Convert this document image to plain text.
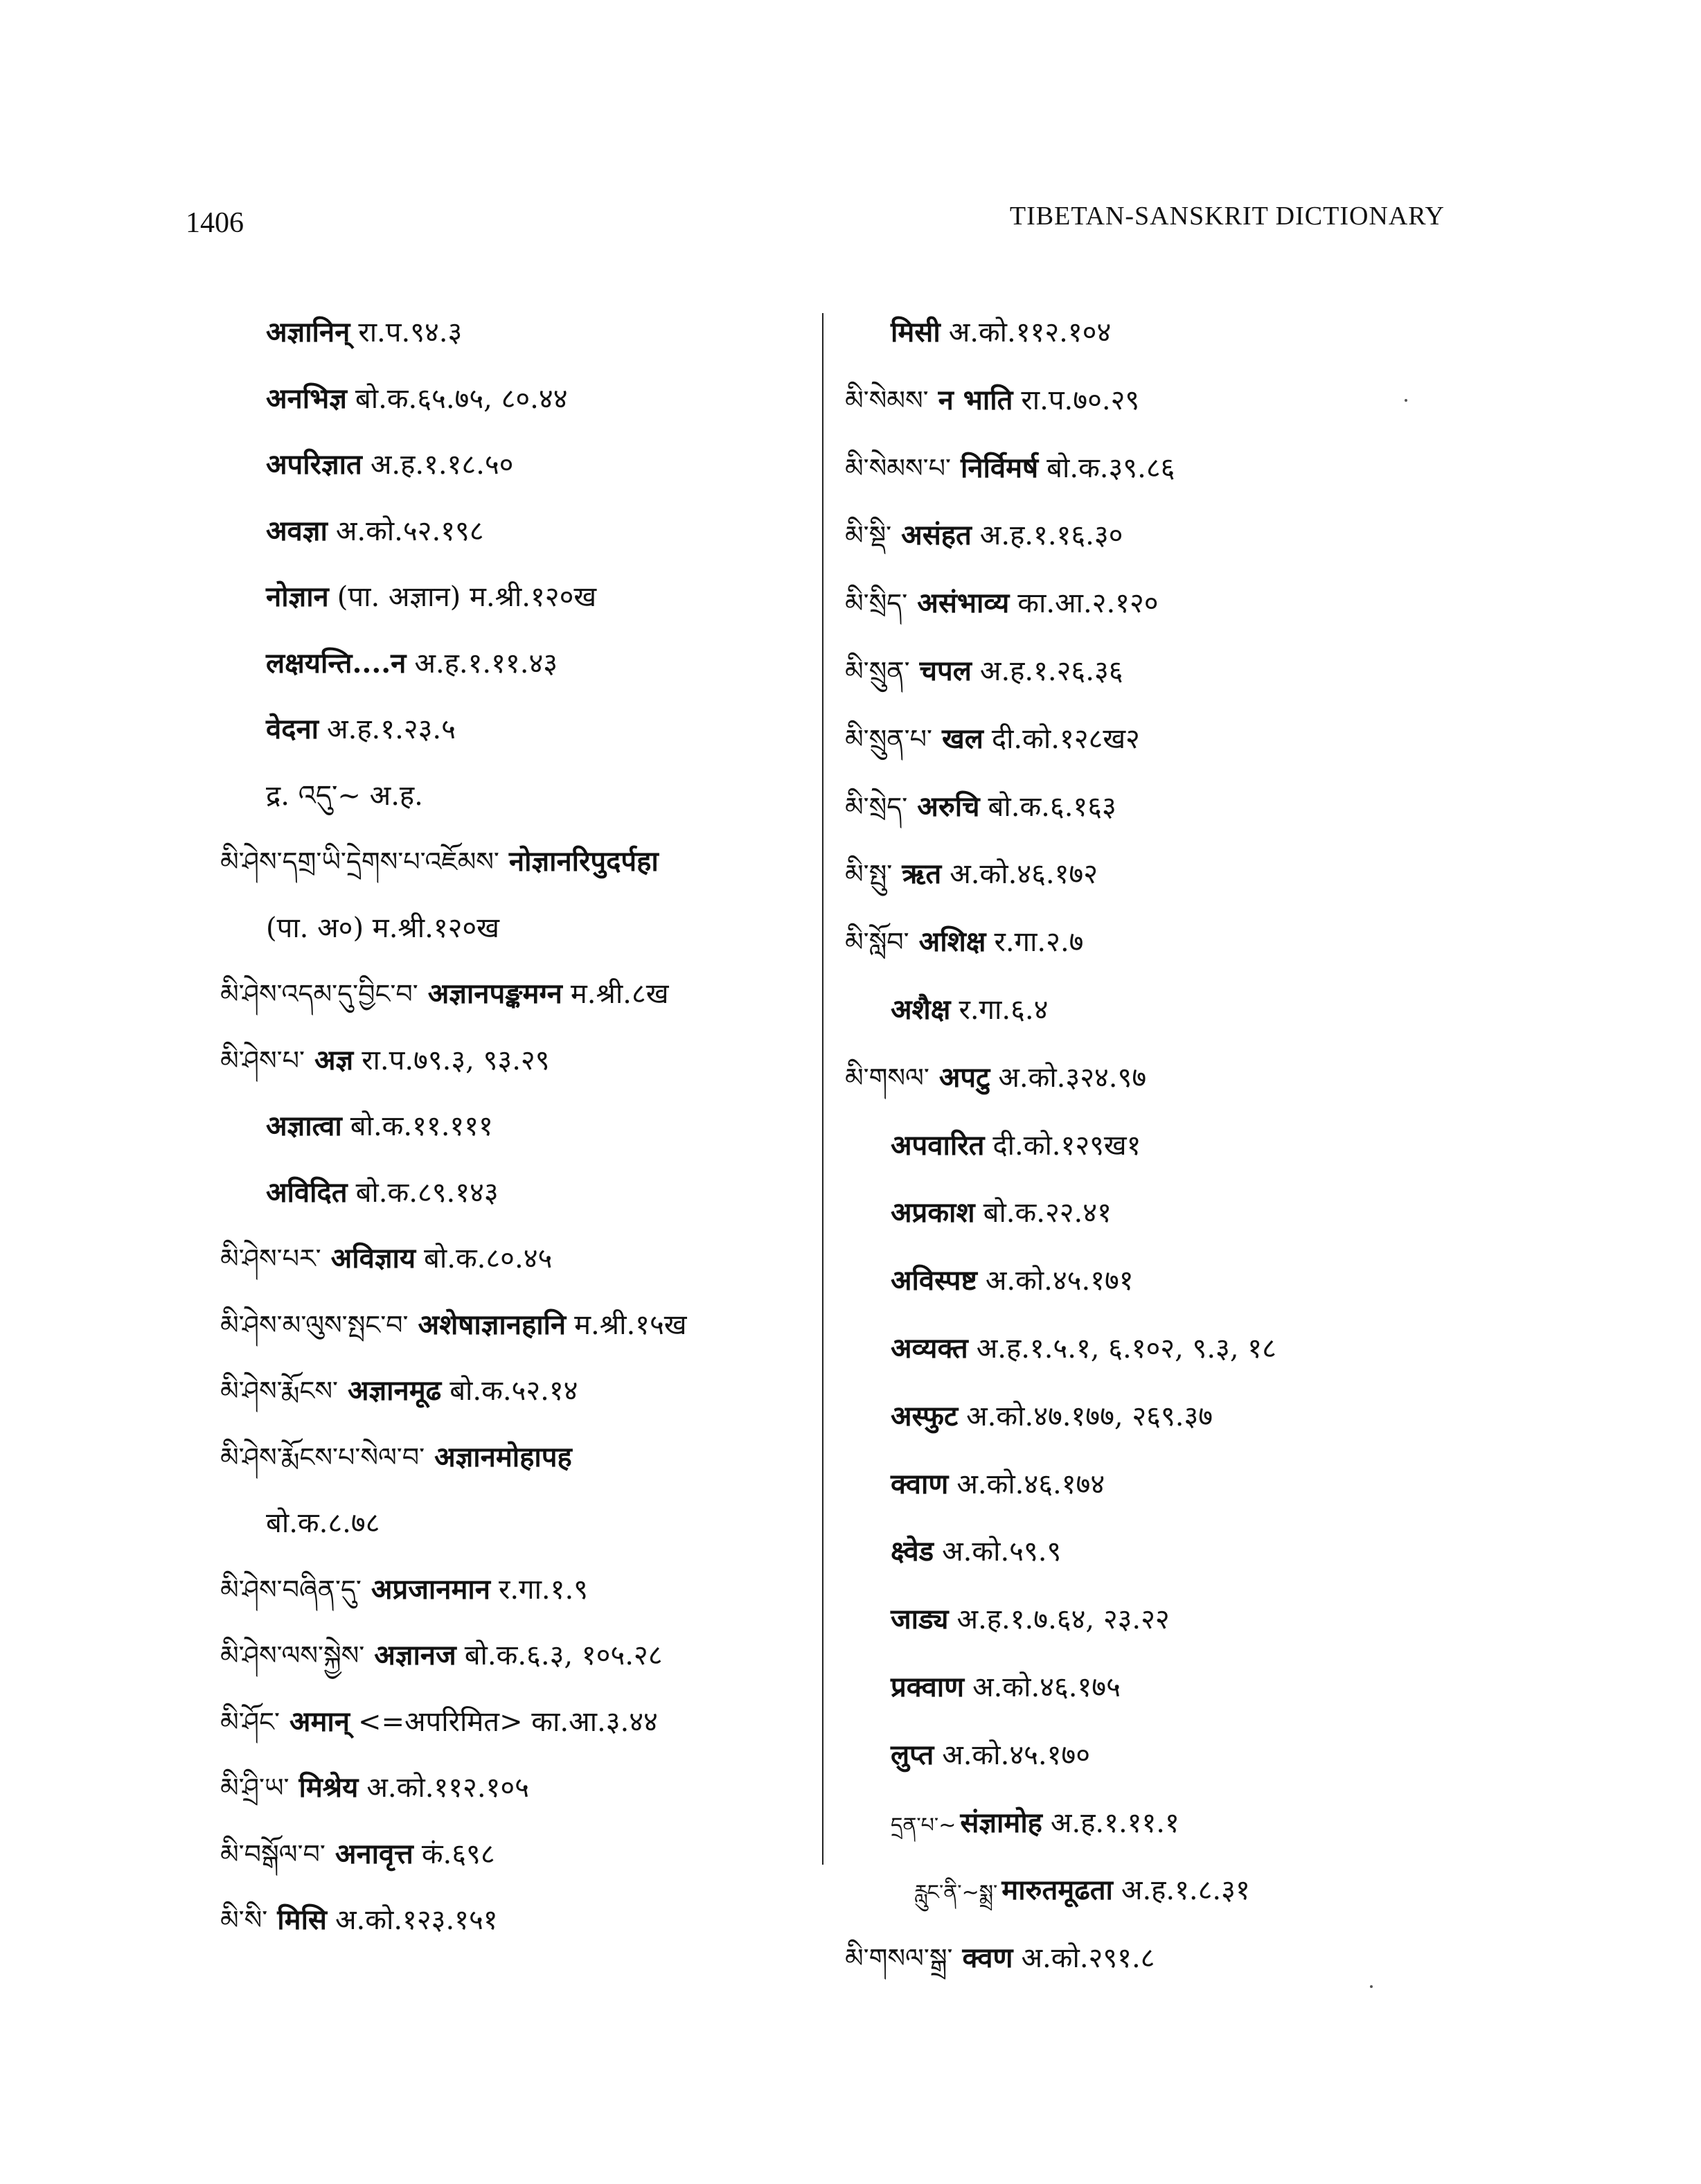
1406	TIBETAN-SANSKRIT DICTIONARY
अज्ञानिन् रा.प.९४.३
अनभिज्ञ बो.क.६५.७५, ८०.४४
अपरिज्ञात अ.ह.१.१८.५०
अवज्ञा अ.को.५२.१९८
नोज्ञान (पा. अज्ञान) म.श्री.१२०ख
लक्षयन्ति....न अ.ह.१.११.४३
वेदना अ.ह.१.२३.५
द्र. འདུ་~ अ.ह.
མི་ཤེས་དགྲ་ཡི་དྲེགས་པ་འཇོམས་ नोज्ञानरिपुदर्पहा
(पा. अ०) म.श्री.१२०ख
མི་ཤེས་འདམ་དུ་བྱིང་བ་ अज्ञानपङ्कमग्न म.श्री.८ख
མི་ཤེས་པ་ अज्ञ रा.प.७९.३, ९३.२९
अज्ञात्वा बो.क.११.१११
अविदित बो.क.८९.१४३
མི་ཤེས་པར་ अविज्ञाय बो.क.८०.४५
མི་ཤེས་མ་ལུས་སྤང་བ་ अशेषाज्ञानहानि म.श्री.१५ख
མི་ཤེས་རྨོངས་ अज्ञानमूढ बो.क.५२.१४
མི་ཤེས་རྨོངས་པ་སེལ་བ་ अज्ञानमोहापह
बो.क.८.७८
མི་ཤེས་བཞིན་དུ་ अप्रजानमान र.गा.१.९
མི་ཤེས་ལས་སྐྱེས་ अज्ञानज बो.क.६.३, १०५.२८
མི་ཤོང་ अमान् <=अपरिमित> का.आ.३.४४
མི་ཤྲི་ཡ་ मिश्रेय अ.को.११२.१०५
མི་བསྒོལ་བ་ अनावृत्त कं.६९८
མི་སི་ मिसि अ.को.१२३.१५१
मिसी अ.को.११२.१०४
མི་སེམས་ न भाति रा.प.७०.२९
མི་སེམས་པ་ निर्विमर्ष बो.क.३९.८६
མི་སྡི་ असंहत अ.ह.१.१६.३०
མི་སྲིད་ असंभाव्य का.आ.२.१२०
མི་སྲུན་ चपल अ.ह.१.२६.३६
མི་སྲུན་པ་ खल दी.को.१२८ख२
མི་སྲེད་ अरुचि बो.क.६.१६३
མི་སྤུ་ ऋत अ.को.४६.१७२
མི་སློབ་ अशिक्ष र.गा.२.७
अशैक्ष र.गा.६.४
མི་གསལ་ अपटु अ.को.३२४.९७
अपवारित दी.को.१२९ख१
अप्रकाश बो.क.२२.४१
अविस्पष्ट अ.को.४५.१७१
अव्यक्त अ.ह.१.५.१, ६.१०२, ९.३, १८
अस्फुट अ.को.४७.१७७, २६९.३७
क्वाण अ.को.४६.१७४
क्ष्वेड अ.को.५९.९
जाड्य अ.ह.१.७.६४, २३.२२
प्रक्वाण अ.को.४६.१७५
लुप्त अ.को.४५.१७०
དྲན་པ་~ संज्ञामोह अ.ह.१.११.१
རླུང་ནི་~སྨྲ་ मारुतमूढता अ.ह.१.८.३१
མི་གསལ་སྒྲ་ क्वण अ.को.२९१.८
